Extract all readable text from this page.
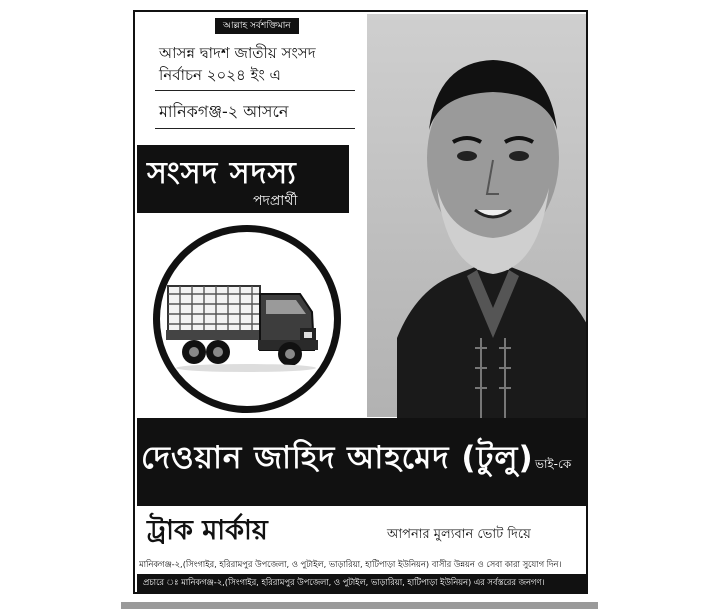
আল্লাহ সর্বশক্তিমান
আসন্ন দ্বাদশ জাতীয় সংসদ
নির্বাচন ২০২৪ ইং এ
মানিকগঞ্জ-২ আসনে
সংসদ সদস্য
পদপ্রার্থী
দেওয়ান জাহিদ আহমেদ (টুলু) ভাই-কে
ট্রাক মার্কায়	আপনার মুল্যবান ভোট দিয়ে
মানিকগঞ্জ-২,(সিংগাইর, হরিরামপুর উপজেলা, ও পুটাইল, ভাড়ারিয়া, হাটিপাড়া ইউনিয়ন) বাসীর উন্নয়ন ও সেবা কারা সুযোগ দিন।
প্রচারে ঃ মানিকগঞ্জ-২,(সিংগাইর, হরিরামপুর উপজেলা, ও পুটাইল, ভাড়ারিয়া, হাটিপাড়া ইউনিয়ন) এর সর্বস্তরের জনগণ।
